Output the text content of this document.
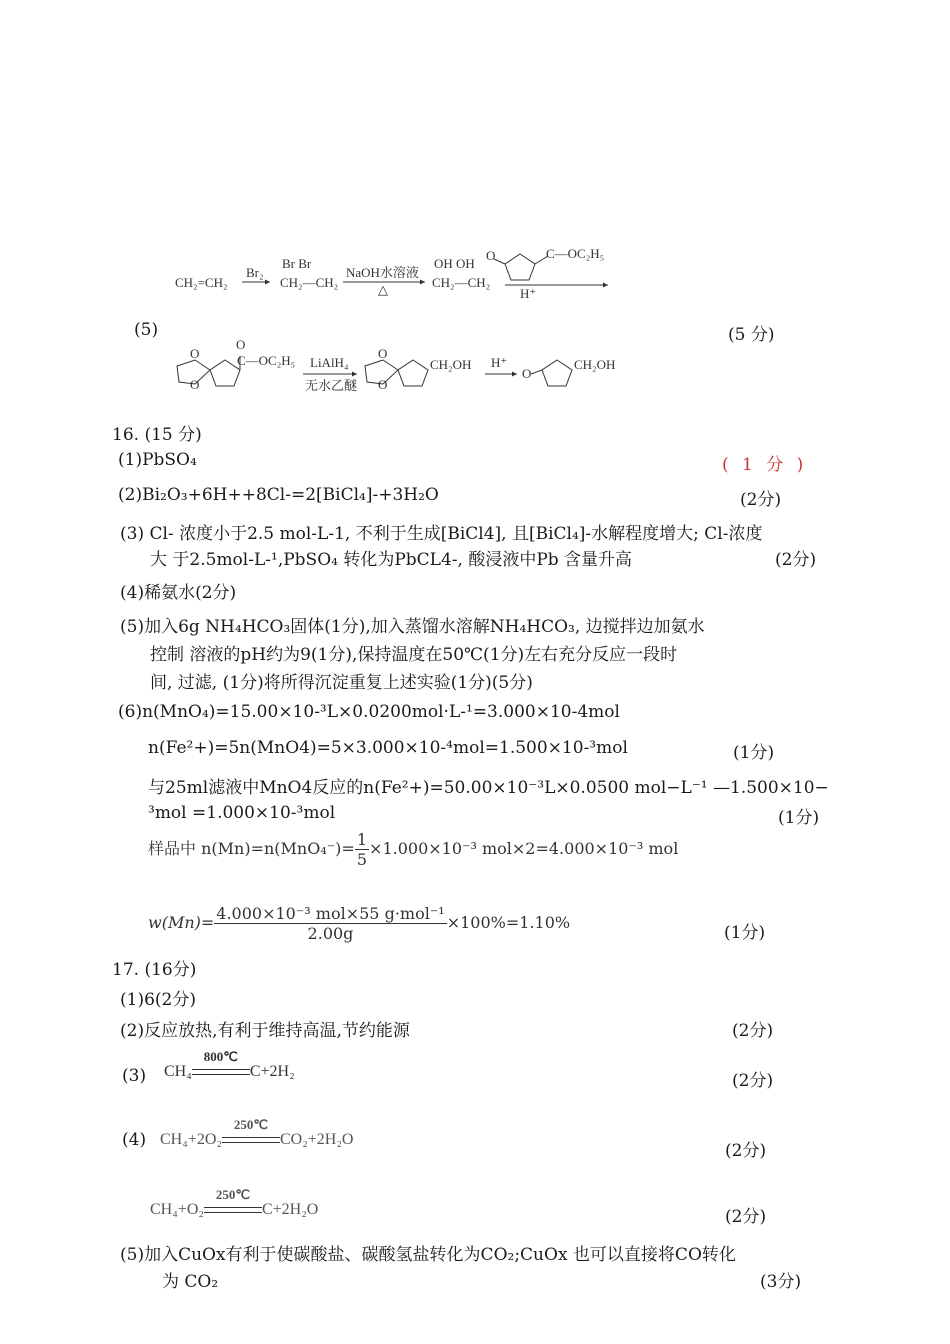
CH₂=CH₂
Br₂
Br Br
CH₂—CH₂
NaOH水溶液
△
OH OH
CH₂—CH₂
O	C—OC₂H₅
H⁺
(5)	(5 分)
O
O
O
C—OC₂H₅ LiAlH₄
无水乙醚
O
O
CH₂OH H⁺
O
CH₂OH
16. (15 分)
(1)PbSO₄	( 1 分 )
(2)Bi₂O₃+6H++8Cl-=2[BiCl₄]-+3H₂O	(2分)
(3) Cl- 浓度小于2.5 mol-L-1, 不利于生成[BiCl4], 且[BiCl₄]-水解程度增大; Cl-浓度
大 于2.5mol-L-¹,PbSO₄ 转化为PbCL4-, 酸浸液中Pb 含量升高	(2分)
(4)稀氨水(2分)
(5)加入6g NH₄HCO₃固体(1分),加入蒸馏水溶解NH₄HCO₃, 边搅拌边加氨水
控制 溶液的pH约为9(1分),保持温度在50℃(1分)左右充分反应一段时
间, 过滤, (1分)将所得沉淀重复上述实验(1分)(5分)
(6)n(MnO₄)=15.00×10-³L×0.0200mol·L-¹=3.000×10-4mol
n(Fe²+)=5n(MnO4)=5×3.000×10-⁴mol=1.500×10-³mol	(1分)
与25ml滤液中MnO4反应的n(Fe²+)=50.00×10⁻³L×0.0500 mol−L⁻¹ —1.500×10−
³mol =1.000×10-³mol	(1分)
样品中 $n(Mn)=n(MnO_4^-)= \frac{1}{5} \times 1.000\times 10^{-3}$ mol×2=4.000×10⁻³ mol
$w(Mn)= \frac{\text{4.000×10⁻³ mol×55 g·mol⁻¹}}{2.00g} \times 100\%=1.10\%$
(1分)
17. (16分)
(1)6(2分)
(2)反应放热,有利于维持高温,节约能源	(2分)
(3) CH₄
800℃
C+2H₂	(2分)
(4) CH₄+2O₂
250℃
CO₂+2H₂O
(2分)
CH₄+O₂
250℃
C+2H₂O	(2分)
(5)加入CuOx有利于使碳酸盐、碳酸氢盐转化为CO₂;CuOx 也可以直接将CO转化
为 CO₂	(3分)
